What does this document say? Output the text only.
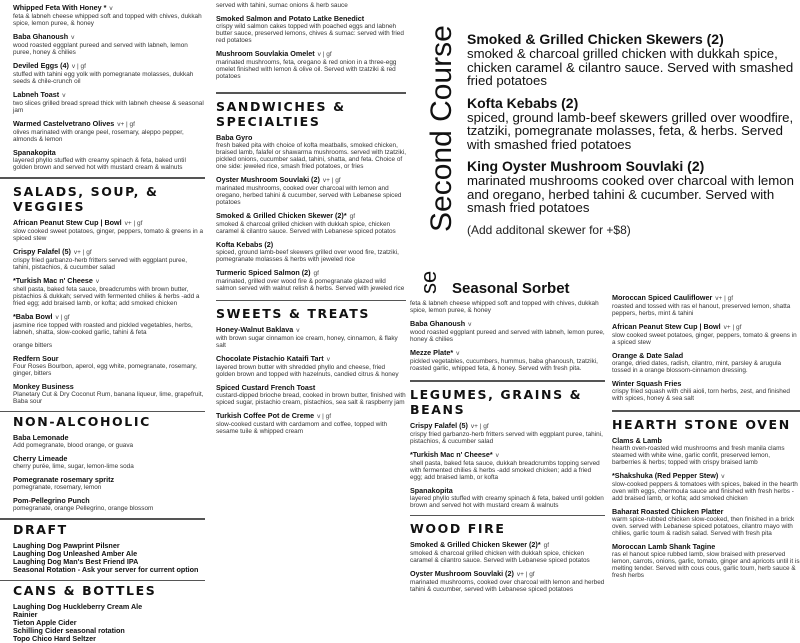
Whipped Feta With Honey * v
feta & labneh cheese whipped soft and topped with chives, dukkah spice, lemon puree, & honey
Baba Ghanoush v
wood roasted eggplant pureed and served with labneh, lemon puree, honey & chilies
Deviled Eggs (4) v | gf
stuffed with tahini egg yolk with pomegranate molasses, dukkah seeds & chile-crunch oil
Labneh Toast v
two slices grilled bread spread thick with labneh cheese & seasonal jam
Warmed Castelvetrano Olives v+ | gf
olives marinated with orange peel, rosemary, aleppo pepper, almonds & lemon
Spanakopita
layered phyllo stuffed with creamy spinach & feta, baked until golden brown and served hot with mustard cream & walnuts
SALADS, SOUP, & VEGGIES
African Peanut Stew Cup | Bowl v+ | gf
slow cooked sweet potatoes, ginger, peppers, tomato & greens in a spiced stew
Crispy Falafel (5) v+ | gf
crispy fried garbanzo-herb fritters served with eggplant puree, tahini, pistachios, & cucumber salad
*Turkish Mac n' Cheese v
shell pasta, baked feta sauce, breadcrumbs with brown butter, pistachios & dukkah; served with fermented chilies & herbs -add a fried egg; add braised lamb, or kofta; add smoked chicken
*Baba Bowl v | gf
jasmine rice topped with roasted and pickled vegetables, herbs, labneh, shatta, slow-cooked garlic, tahini & feta
orange bitters
Redfern Sour
Four Roses Bourbon, aperol, egg white, pomegranate, rosemary, ginger, bitters
Monkey Business
Planetary Cut & Dry Coconut Rum, banana liqueur, lime, grapefruit, Baba sour
NON-ALCOHOLIC
Baba Lemonade
Add pomegranate, blood orange, or guava
Cherry Limeade
cherry purée, lime, sugar, lemon-lime soda
Pomegranate rosemary spritz
pomegranate, rosemary, lemon
Pom-Pellegrino Punch
pomegranate, orange Pellegrino, orange blossom
DRAFT
Laughing Dog Pawprint Pilsner
Laughing Dog Unleashed Amber Ale
Laughing Dog Man's Best Friend IPA
Seasonal Rotation - Ask your server for current option
CANS & BOTTLES
Laughing Dog Huckleberry Cream Ale
Rainier
Tieton Apple Cider
Schilling Cider seasonal rotation
Topo Chico Hard Seltzer
served with tahini, sumac onions & herb sauce
Smoked Salmon and Potato Latke Benedict
crispy wild salmon cakes topped with poached eggs and labneh butter sauce, preserved lemons, chives & sumac: served with fried red potatoes
Mushroom Souvlakia Omelet v | gf
marinated mushrooms, feta, oregano & red onion in a three-egg omelet finished with lemon & olive oil. Served with tzatziki & red potatoes
SANDWICHES & SPECIALTIES
Baba Gyro
fresh baked pita with choice of kofta meatballs, smoked chicken, braised lamb, falafel or shawarma mushrooms. served with tzatziki, pickled onions, cucumber salad, tahini, shatta, and feta. Choice of one side: jeweled rice, smash fried potatoes, or fries
Oyster Mushroom Souvlaki (2) v+ | gf
marinated mushrooms, cooked over charcoal with lemon and oregano, herbed tahini & cucumber, served with Lebanese spiced potatoes
Smoked & Grilled Chicken Skewer (2)* gf
smoked & charcoal grilled chicken with dukkah spice, chicken caramel & cilantro sauce. Served with Lebanese spiced potatos
Kofta Kebabs (2)
spiced, ground lamb-beef skewers grilled over wood fire, tzatziki, pomegranate molasses & herbs with jeweled rice
Turmeric Spiced Salmon (2) gf
marinated, grilled over wood fire & pomegranate glazed wild salmon served with walnut relish & herbs. Served with jeweled rice
SWEETS & TREATS
Honey-Walnut Baklava v
with brown sugar cinnamon ice cream, honey, cinnamon, & flaky salt
Chocolate Pistachio Kataifi Tart v
layered brown butter with shredded phyllo and cheese, fried golden brown and topped with hazelnuts, candied citrus & honey
Spiced Custard French Toast
custard-dipped brioche bread, cooked in brown butter, finished with spiced sugar, pistachio cream, pistachios, sea salt & raspberry jam
Turkish Coffee Pot de Creme v | gf
slow-cooked custard with cardamom and coffee, topped with sesame tuile & whipped cream
Second Course Smoked & Grilled Chicken Skewers (2)
smoked & charcoal grilled chicken with dukkah spice, chicken caramel & cilantro sauce. Served with smashed fried potatoes
Kofta Kebabs (2)
spiced, ground lamb-beef skewers grilled over woodfire, tzatziki, pomegranate molasses, feta, & herbs. Served with smashed fried potatoes
King Oyster Mushroom Souvlaki (2)
marinated mushrooms cooked over charcoal with lemon and oregano, herbed tahini & cucumber. Served with smash fried potatoes
(Add additonal skewer for +$8)
se Seasonal Sorbet
feta & labneh cheese whipped soft and topped with chives, dukkah spice, lemon puree, & honey
Baba Ghanoush v
wood roasted eggplant pureed and served with labneh, lemon puree, honey & chilies
Mezze Plate* v
pickled vegetables, cucumbers, hummus, baba ghanoush, tzatziki, roasted garlic, whipped feta, & honey. Served with fresh pita.
LEGUMES, GRAINS & BEANS
Crispy Falafel (5) v+ | gf
crispy fried garbanzo-herb fritters served with eggplant puree, tahini, pistachios, & cucumber salad
*Turkish Mac n' Cheese* v
shell pasta, baked feta sauce, dukkah breadcrumbs topping served with fermented chilies & herbs -add smoked chicken; add a fried egg; add braised lamb, or kofta
Spanakopita
layered phyllo stuffed with creamy spinach & feta, baked until golden brown and served hot with mustard cream & walnuts
WOOD FIRE
Smoked & Grilled Chicken Skewer (2)* gf
smoked & charcoal grilled chicken with dukkah spice, chicken caramel & cilantro sauce. Served with Lebanese spiced potatos
Oyster Mushroom Souvlaki (2) v+ | gf
marinated mushrooms, cooked over charcoal with lemon and herbed tahini & cucumber, served with Lebanese spiced potatoes
Moroccan Spiced Cauliflower v+ | gf
roasted and tossed with ras el hanout, preserved lemon, shatta peppers, herbs, mint & tahini
African Peanut Stew Cup | Bowl v+ | gf
slow cooked sweet potatoes, ginger, peppers, tomato & greens in a spiced stew
Orange & Date Salad
orange, dried dates, radish, cilantro, mint, parsley & arugula tossed in a orange blossom-cinnamon dressing.
Winter Squash Fries
crispy fried squash with chili aioli, torn herbs, zest, and finished with spices, honey & sea salt
HEARTH STONE OVEN
Clams & Lamb
hearth oven-roasted wild mushrooms and fresh manila clams steamed with white wine, garlic confit, preserved lemon, barberries & herbs; topped with crispy braised lamb
*Shakshuka (Red Pepper Stew) v
slow-cooked peppers & tomatoes with spices, baked in the hearth oven with eggs, chermoula sauce and finished with fresh herbs -add braised lamb, or kofta; add smoked chicken
Baharat Roasted Chicken Platter
warm spice-rubbed chicken slow-cooked, then finished in a brick oven. served with Lebanese spiced potatoes, cilantro mayo with chilies, garlic toum & radish salad. Served with fresh pita
Moroccan Lamb Shank Tagine
ras el hanout spice rubbed lamb, slow braised with preserved lemon, carrots, onions, garlic, tomato, ginger and apricots until it is melting tender. Served with cous cous, garlic toum, herb sauce & fresh herbs
